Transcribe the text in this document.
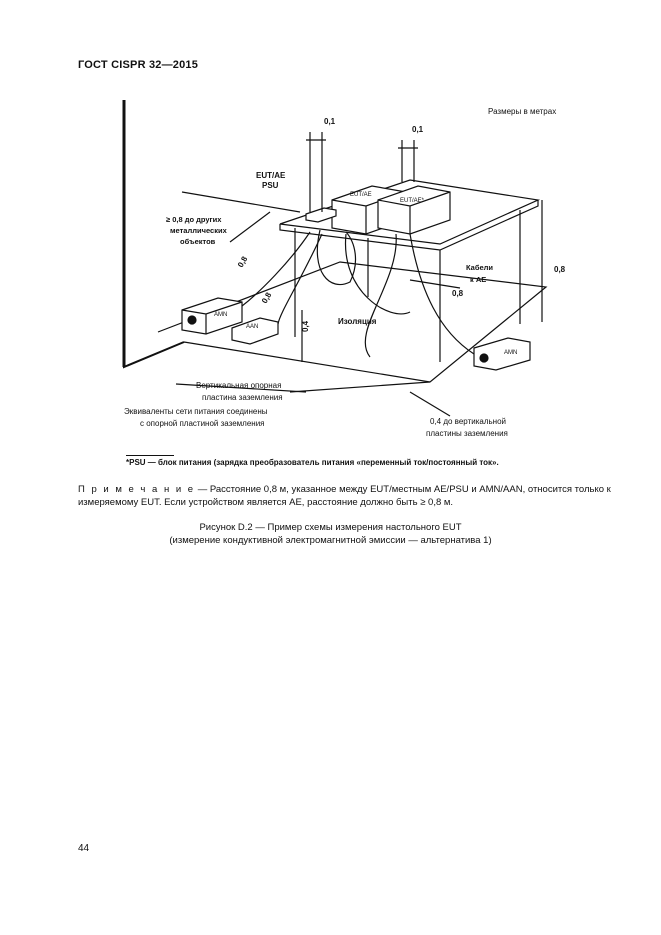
ГОСТ CISPR 32—2015
Размеры в метрах
0,1
0,1
EUT/AE
PSU
EUT/AE
EUT/AE*
≥ 0,8 до других
металлических
объектов
0,8
0,8
0,4
0,8
0,8
Кабели
к AE
AMN
AAN
AMN
Изоляция
Вертикальная опорная
пластина заземления
Эквиваленты сети питания соединены
с опорной пластиной заземления	0,4 до вертикальной
пластины заземления
*PSU — блок питания (зарядка преобразователь питания «переменный ток/постоянный ток».
П р и м е ч а н и е — Расстояние 0,8 м, указанное между EUT/местным AE/PSU и AMN/AAN, относится только к измеряемому EUT. Если устройством является AE, расстояние должно быть ≥ 0,8 м.
Рисунок D.2 — Пример схемы измерения настольного EUT
(измерение кондуктивной электромагнитной эмиссии — альтернатива 1)
44
